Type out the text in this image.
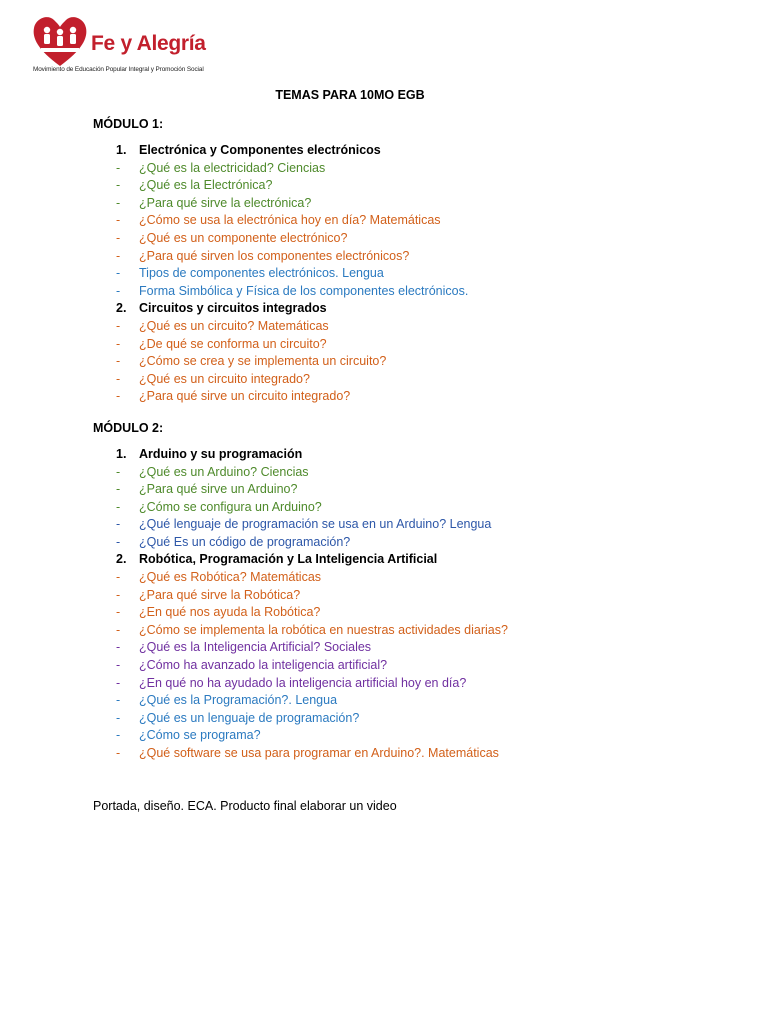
Fe y Alegría
Movimiento de Educación Popular Integral y Promoción Social
TEMAS PARA 10MO EGB
MÓDULO 1:
1. Electrónica y Componentes electrónicos
- ¿Qué es la electricidad? Ciencias
- ¿Qué es la Electrónica?
- ¿Para qué sirve la electrónica?
- ¿Cómo se usa la electrónica hoy en día? Matemáticas
- ¿Qué es un componente electrónico?
- ¿Para qué sirven los componentes electrónicos?
- Tipos de componentes electrónicos. Lengua
- Forma Simbólica y Física de los componentes electrónicos.
2. Circuitos y circuitos integrados
- ¿Qué es un circuito? Matemáticas
- ¿De qué se conforma un circuito?
- ¿Cómo se crea y se implementa un circuito?
- ¿Qué es un circuito integrado?
- ¿Para qué sirve un circuito integrado?
MÓDULO 2:
1. Arduino y su programación
- ¿Qué es un Arduino? Ciencias
- ¿Para qué sirve un Arduino?
- ¿Cómo se configura un Arduino?
- ¿Qué lenguaje de programación se usa en un Arduino? Lengua
- ¿Qué Es un código de programación?
2. Robótica, Programación y La Inteligencia Artificial
- ¿Qué es Robótica? Matemáticas
- ¿Para qué sirve la Robótica?
- ¿En qué nos ayuda la Robótica?
- ¿Cómo se implementa la robótica en nuestras actividades diarias?
- ¿Qué es la Inteligencia Artificial? Sociales
- ¿Cómo ha avanzado la inteligencia artificial?
- ¿En qué no ha ayudado la inteligencia artificial hoy en día?
- ¿Qué es la Programación?. Lengua
- ¿Qué es un lenguaje de programación?
- ¿Cómo se programa?
- ¿Qué software se usa para programar en Arduino?. Matemáticas
Portada, diseño. ECA. Producto final elaborar un video
